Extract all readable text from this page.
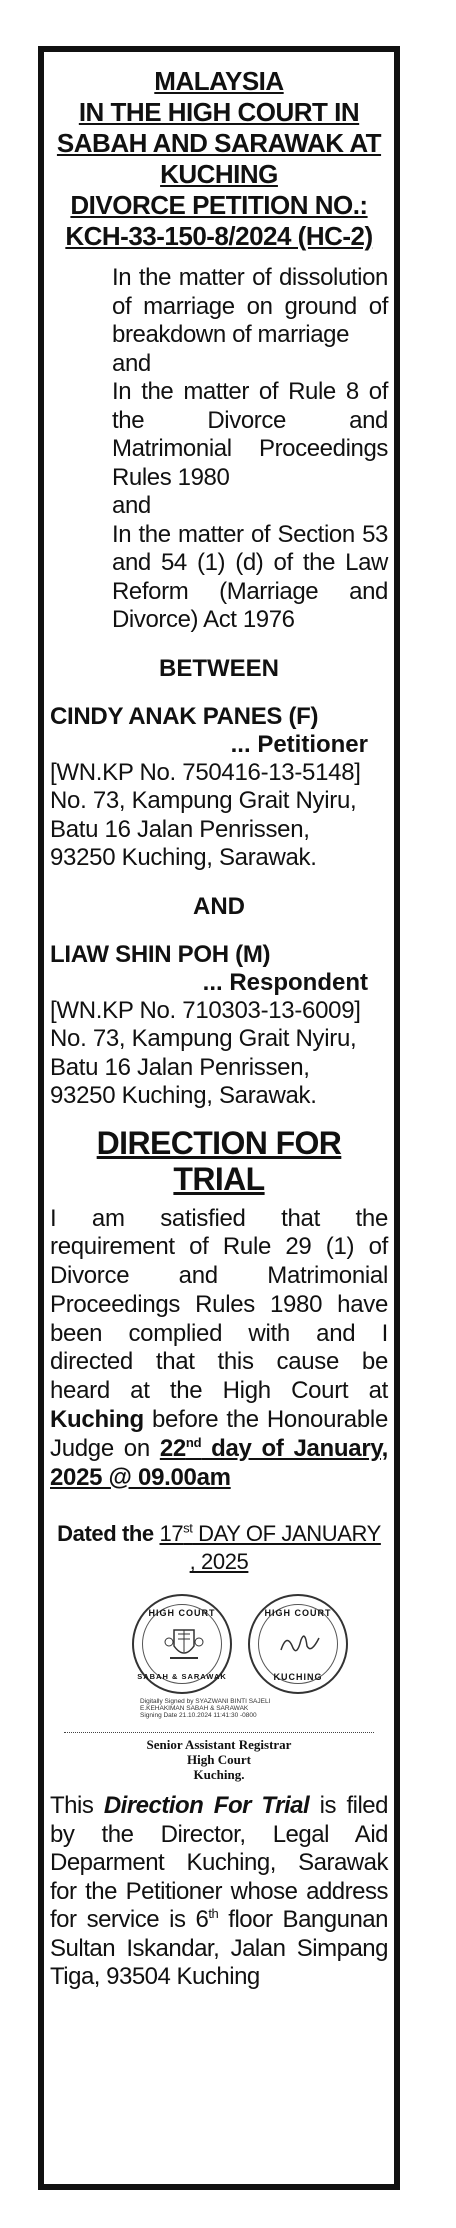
MALAYSIA
IN THE HIGH COURT IN
SABAH AND SARAWAK AT
KUCHING
DIVORCE PETITION NO.:
KCH-33-150-8/2024 (HC-2)
In the matter of dissolution of marriage on ground of breakdown of marriage
and
In the matter of Rule 8 of the Divorce and Matrimonial Proceedings Rules 1980
and
In the matter of Section 53 and 54 (1) (d) of the Law Reform (Marriage and Divorce) Act 1976
BETWEEN
CINDY ANAK PANES (F)
... Petitioner
[WN.KP No. 750416-13-5148]
No. 73, Kampung Grait Nyiru,
Batu 16 Jalan Penrissen,
93250 Kuching, Sarawak.
AND
LIAW SHIN POH (M)
... Respondent
[WN.KP No. 710303-13-6009]
No. 73, Kampung Grait Nyiru,
Batu 16 Jalan Penrissen,
93250 Kuching, Sarawak.
DIRECTION FOR TRIAL
I am satisfied that the requirement of Rule 29 (1) of Divorce and Matrimonial Proceedings Rules 1980 have been complied with and I directed that this cause be heard at the High Court at Kuching before the Honourable Judge on 22nd day of January, 2025 @ 09.00am
Dated the 17st DAY OF JANUARY
, 2025
HIGH COURT
SABAH & SARAWAK
HIGH COURT
KUCHING
Digitally Signed by SYAZWANI BINTI SAJELI
E.KEHAKIMAN SABAH & SARAWAK
Signing Date 21.10.2024 11:41:30 -0800
Senior Assistant Registrar
High Court
Kuching.
This Direction For Trial is filed by the Director, Legal Aid Deparment Kuching, Sarawak for the Petitioner whose address for service is 6th floor Bangunan Sultan Iskandar, Jalan Simpang Tiga, 93504 Kuching
